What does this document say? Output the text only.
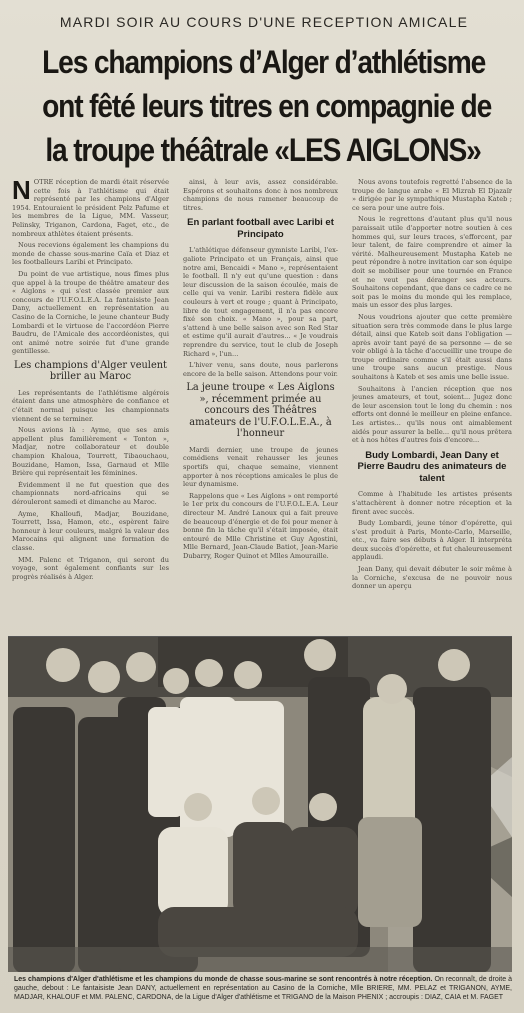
MARDI SOIR AU COURS D'UNE RECEPTION AMICALE
Les champions d’Alger d’athlétisme
ont fêté leurs titres en compagnie de
la troupe théâtrale «LES AIGLONS»

NOTRE réception de mardi était réservée cette fois à l'athlétisme qui était représenté par les champions d'Alger 1954. Entouraient le président Pelz Pafume et les membres de la Ligue, MM. Vasseur, Pelinsky, Triganon, Cardona, Faget, etc., de nombreux athlètes étaient présents.

Nous recevions également les champions du monde de chasse sous-marine Caïa et Diaz et les footballeurs Laribi et Principato.

Du point de vue artistique, nous fîmes plus que appel à la troupe de théâtre amateur des « Aiglons » qui s'est classée premier aux concours de l'U.F.O.L.E.A. La fantaisiste Jean Dany, actuellement en représentation au Casino de la Corniche, le jeune chanteur Budy Lombardi et le virtuose de l'accordéon Pierre Baudru, de l'Amicale des accordéonistes, qui ont animé notre soirée fut d'une grande gentillesse.

Les champions d'Alger veulent briller au Maroc

Les représentants de l'athlétisme algérois étaient dans une atmosphère de confiance et c'était normal puisque les championnats viennent de se terminer.

Nous avions là : Ayme, que ses amis appellent plus familièrement « Tonton », Madjar, notre collaborateur et double champion Khaloua, Tourrett, Tibaouchaou, Bouzidane, Hamon, Issa, Garnaud et Mlle Brière qui représentait les féminines.

Évidemment il ne fut question que des championnats nord-africains qui se dérouleront samedi et dimanche au Maroc.

Ayme, Khalloufi, Madjar, Bouzidane, Tourrett, Issa, Hamon, etc., espèrent faire honneur à leur couleurs, malgré la valeur des Marocains qui alignent une formation de classe.

MM. Palenc et Triganon, qui seront du voyage, sont également confiants sur les progrès réalisés à Alger.

ainsi, à leur avis, assez considérable. Espérons et souhaitons donc à nos nombreux champions de nous ramener beaucoup de titres.

En parlant football avec Laribi et Principato

L'athlétique défenseur gymniste Laribi, l'ex-galiote Principato et un Français, ainsi que notre ami, Bencaidi « Mano », représentaient le football. Il n'y eut qu'une question : dans leur discussion de la saison écoulée, mais de celle qui va venir. Laribi restera fidèle aux couleurs à vert et rouge ; quant à Principato, libre de tout engagement, il n'a pas encore fixé son choix. « Mano », pour sa part, s'attend à une belle saison avec son Red Star et estime qu'il aurait d'autres... « Je voudrais reprendre du service, tout le club de Joseph Richard », l'un...

L'hiver venu, sans doute, nous parlerons encore de la belle saison. Attendons pour voir.

La jeune troupe « Les Aiglons », récemment primée au concours des Théâtres amateurs de l'U.F.O.L.E.A., à l'honneur

Mardi dernier, une troupe de jeunes comédiens venait rehausser les jeunes sportifs qui, chaque semaine, viennent apporter à nos réceptions amicales le plus de leur dynamisme.

Rappelons que « Les Aiglons » ont remporté le 1er prix du concours de l'U.F.O.L.E.A. Leur directeur M. André Lanoux qui a fait preuve de beaucoup d'énergie et de foi pour mener à bonne fin la tâche qu'il s'était imposée, était entouré de Mlle Christine et Guy Agostini, Mlle Bernard, Jean-Claude Batiot, Jean-Marie Dubarry, Roger Quinot et Mlles Amouraille.

Nous avons toutefois regretté l'absence de la troupe de langue arabe « El Mizrab El Djazaïr » dirigée par le sympathique Mustapha Kateb ; ce sera pour une autre fois.

Nous le regrettons d'autant plus qu'il nous paraissait utile d'apporter notre soutien à ces hommes qui, sur leurs traces, s'efforcent, par leur talent, de faire comprendre et aimer la vérité. Malheureusement Mustapha Kateb ne peut répondre à notre invitation car son équipe doit se mobiliser pour une tournée en France et ne veut pas déranger ses acteurs. Souhaitons cependant, que dans ce cadre ce ne soit pas le moins du monde qui les remplace, mais un essor des plus larges.

Nous voudrions ajouter que cette première situation sera très commode dans le plus large détail, ainsi que Kateb soit dans l'obligation — après avoir tant payé de sa personne — de se voir obligé à la tâche d'accueillir une troupe de troupe ordinaire comme s'il était aussi dans une troupe sans aucun prestige. Nous souhaitons à Kateb et ses amis une belle issue.

Souhaitons à l'ancien réception que nos jeunes amateurs, et tout, soient... Jugez donc de leur ascension tout le long du chemin : nos efforts ont donné le meilleur en pleine enfance. Les artistes... qu'ils nous ont aimablement aidés pour assurer la belle... qu'il nous prêtera et à nos hôtes d'autres fois d'encore...

Budy Lombardi, Jean Dany et Pierre Baudru des animateurs de talent

Comme à l'habitude les artistes présents s'attachèrent à donner notre réception et la firent avec succès.

Budy Lombardi, jeune ténor d'opérette, qui s'est produit à Paris, Monte-Carlo, Marseille, etc., va faire ses débuts à Alger. Il interpréta deux succès d'opérette, et fut chaleureusement applaudi.

Jean Dany, qui devait débuter le soir même à la Corniche, s'excusa de ne pouvoir nous donner un aperçu

Les champions d'Alger d'athlétisme et les champions du monde de chasse sous-marine se sont rencontrés à notre réception. On reconnaît, de droite à gauche, debout : Le fantaisiste Jean DANY, actuellement en représentation au Casino de la Corniche, Mlle BRIERE, MM. PELAZ et TRIGANON, AYME, MADJAR, KHALOUF et MM. PALENC, CARDONA, de la Ligue d'Alger d'athlétisme et TRIGANO de la Maison PHENIX ; accroupis : DIAZ, CAIA et M. FAGET
